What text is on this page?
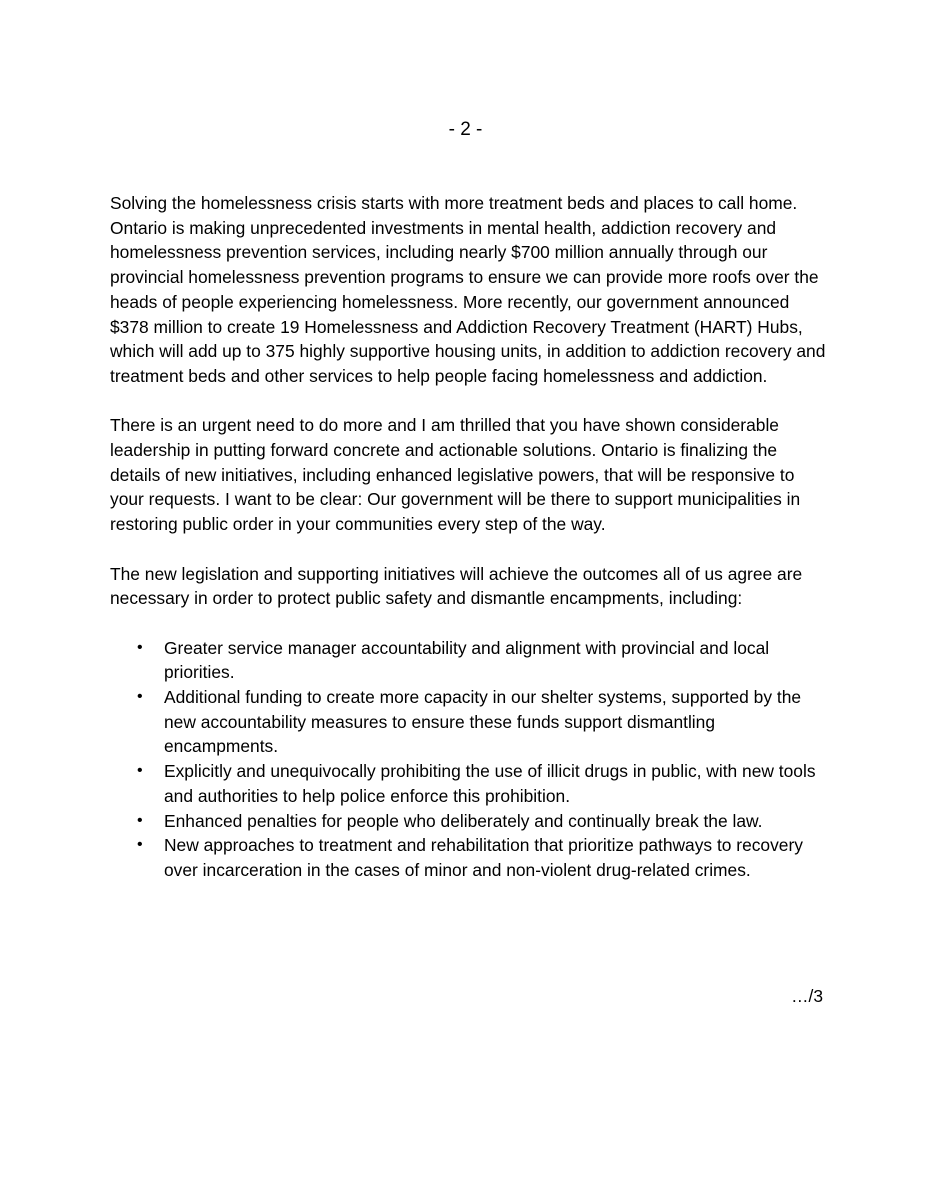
- 2 -

Solving the homelessness crisis starts with more treatment beds and places to call home. Ontario is making unprecedented investments in mental health, addiction recovery and homelessness prevention services, including nearly $700 million annually through our provincial homelessness prevention programs to ensure we can provide more roofs over the heads of people experiencing homelessness. More recently, our government announced $378 million to create 19 Homelessness and Addiction Recovery Treatment (HART) Hubs, which will add up to 375 highly supportive housing units, in addition to addiction recovery and treatment beds and other services to help people facing homelessness and addiction.

There is an urgent need to do more and I am thrilled that you have shown considerable leadership in putting forward concrete and actionable solutions. Ontario is finalizing the details of new initiatives, including enhanced legislative powers, that will be responsive to your requests. I want to be clear: Our government will be there to support municipalities in restoring public order in your communities every step of the way.

The new legislation and supporting initiatives will achieve the outcomes all of us agree are necessary in order to protect public safety and dismantle encampments, including:

• Greater service manager accountability and alignment with provincial and local priorities.
• Additional funding to create more capacity in our shelter systems, supported by the new accountability measures to ensure these funds support dismantling encampments.
• Explicitly and unequivocally prohibiting the use of illicit drugs in public, with new tools and authorities to help police enforce this prohibition.
• Enhanced penalties for people who deliberately and continually break the law.
• New approaches to treatment and rehabilitation that prioritize pathways to recovery over incarceration in the cases of minor and non-violent drug-related crimes.
…/3
